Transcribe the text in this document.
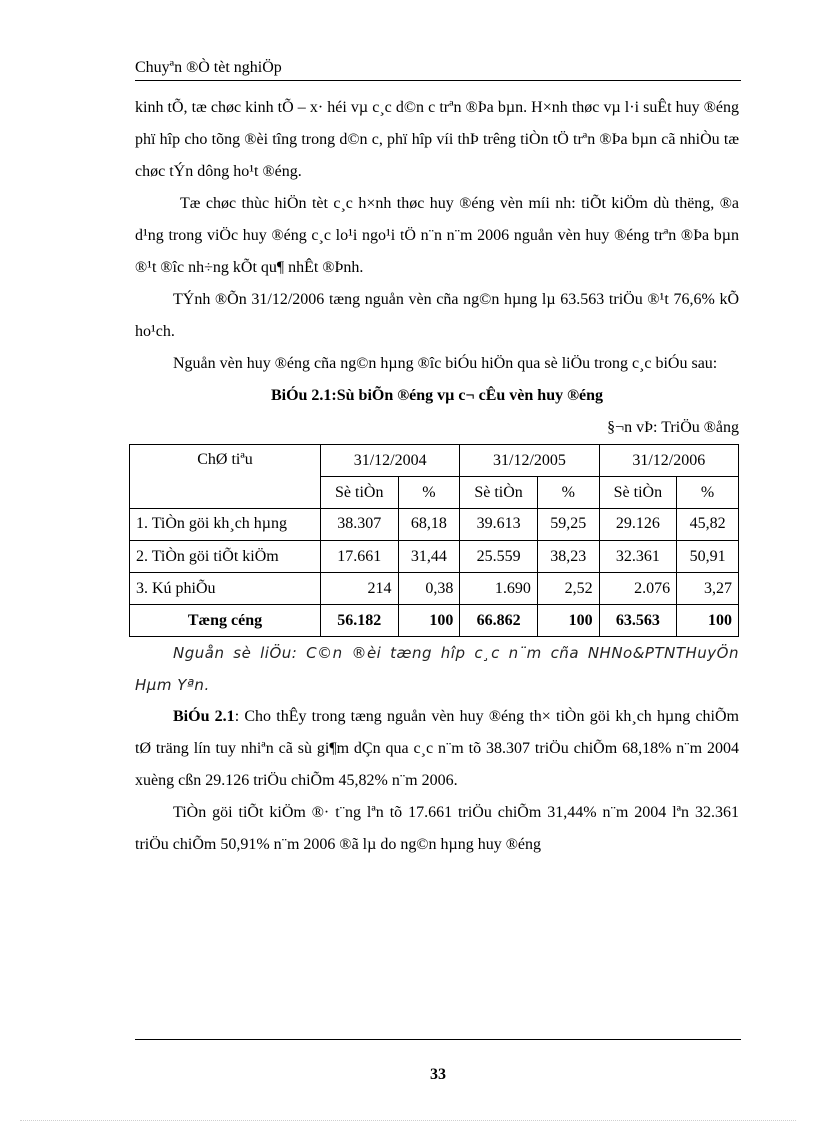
Chuyªn ®Ò tèt nghiÖp

kinh tÕ, tæ chøc kinh tÕ – x· héi vµ c¸c d©n c trªn ®Þa bµn. H×nh thøc vµ l·i suÊt huy ®éng phï hîp cho tõng ®èi tîng trong d©n c, phï hîp víi thÞ trêng tiÒn tÖ trªn ®Þa bµn cã nhiÒu tæ chøc tÝn dông ho¹t ®éng.

Tæ chøc thùc hiÖn tèt c¸c h×nh thøc huy ®éng vèn míi nh: tiÕt kiÖm dù thëng, ®a d¹ng trong viÖc huy ®éng c¸c lo¹i ngo¹i tÖ n¨n n¨m 2006 nguån vèn huy ®éng trªn ®Þa bµn ®¹t ®îc nh÷ng kÕt qu¶ nhÊt ®Þnh.

TÝnh ®Õn 31/12/2006 tæng nguån vèn cña ng©n hµng lµ 63.563 triÖu ®¹t 76,6% kÕ ho¹ch.

Nguån vèn huy ®éng cña ng©n hµng ®îc biÓu hiÖn qua sè liÖu trong c¸c biÓu sau:

BiÓu 2.1:Sù biÕn ®éng vµ c¬ cÊu vèn huy ®éng

§¬n vÞ: TriÖu ®ång

ChØ tiªu	31/12/2004		31/12/2005		31/12/2006	
	Sè tiÒn	%	Sè tiÒn	%	Sè tiÒn	%
1. TiÒn göi kh¸ch hµng	38.307	68,18	39.613	59,25	29.126	45,82
2. TiÒn göi tiÕt kiÖm	17.661	31,44	25.559	38,23	32.361	50,91
3. Kú phiÕu	214	0,38	1.690	2,52	2.076	3,27
Tæng céng	56.182	100	66.862	100	63.563	100

Nguån sè liÖu: C©n ®èi tæng hîp c¸c n¨m cña NHNo&PTNTHuyÖn Hµm Yªn.

BiÓu 2.1: Cho thÊy trong tæng nguån vèn huy ®éng th× tiÒn göi kh¸ch hµng chiÕm tØ träng lín tuy nhiªn cã sù gi¶m dÇn qua c¸c n¨m tõ 38.307 triÖu chiÕm 68,18% n¨m 2004 xuèng cßn 29.126 triÖu chiÕm 45,82% n¨m 2006.

TiÒn göi tiÕt kiÖm ®· t¨ng lªn tõ 17.661 triÖu chiÕm 31,44% n¨m 2004 lªn 32.361 triÖu chiÕm 50,91% n¨m 2006 ®ã lµ do ng©n hµng huy ®éng

33
